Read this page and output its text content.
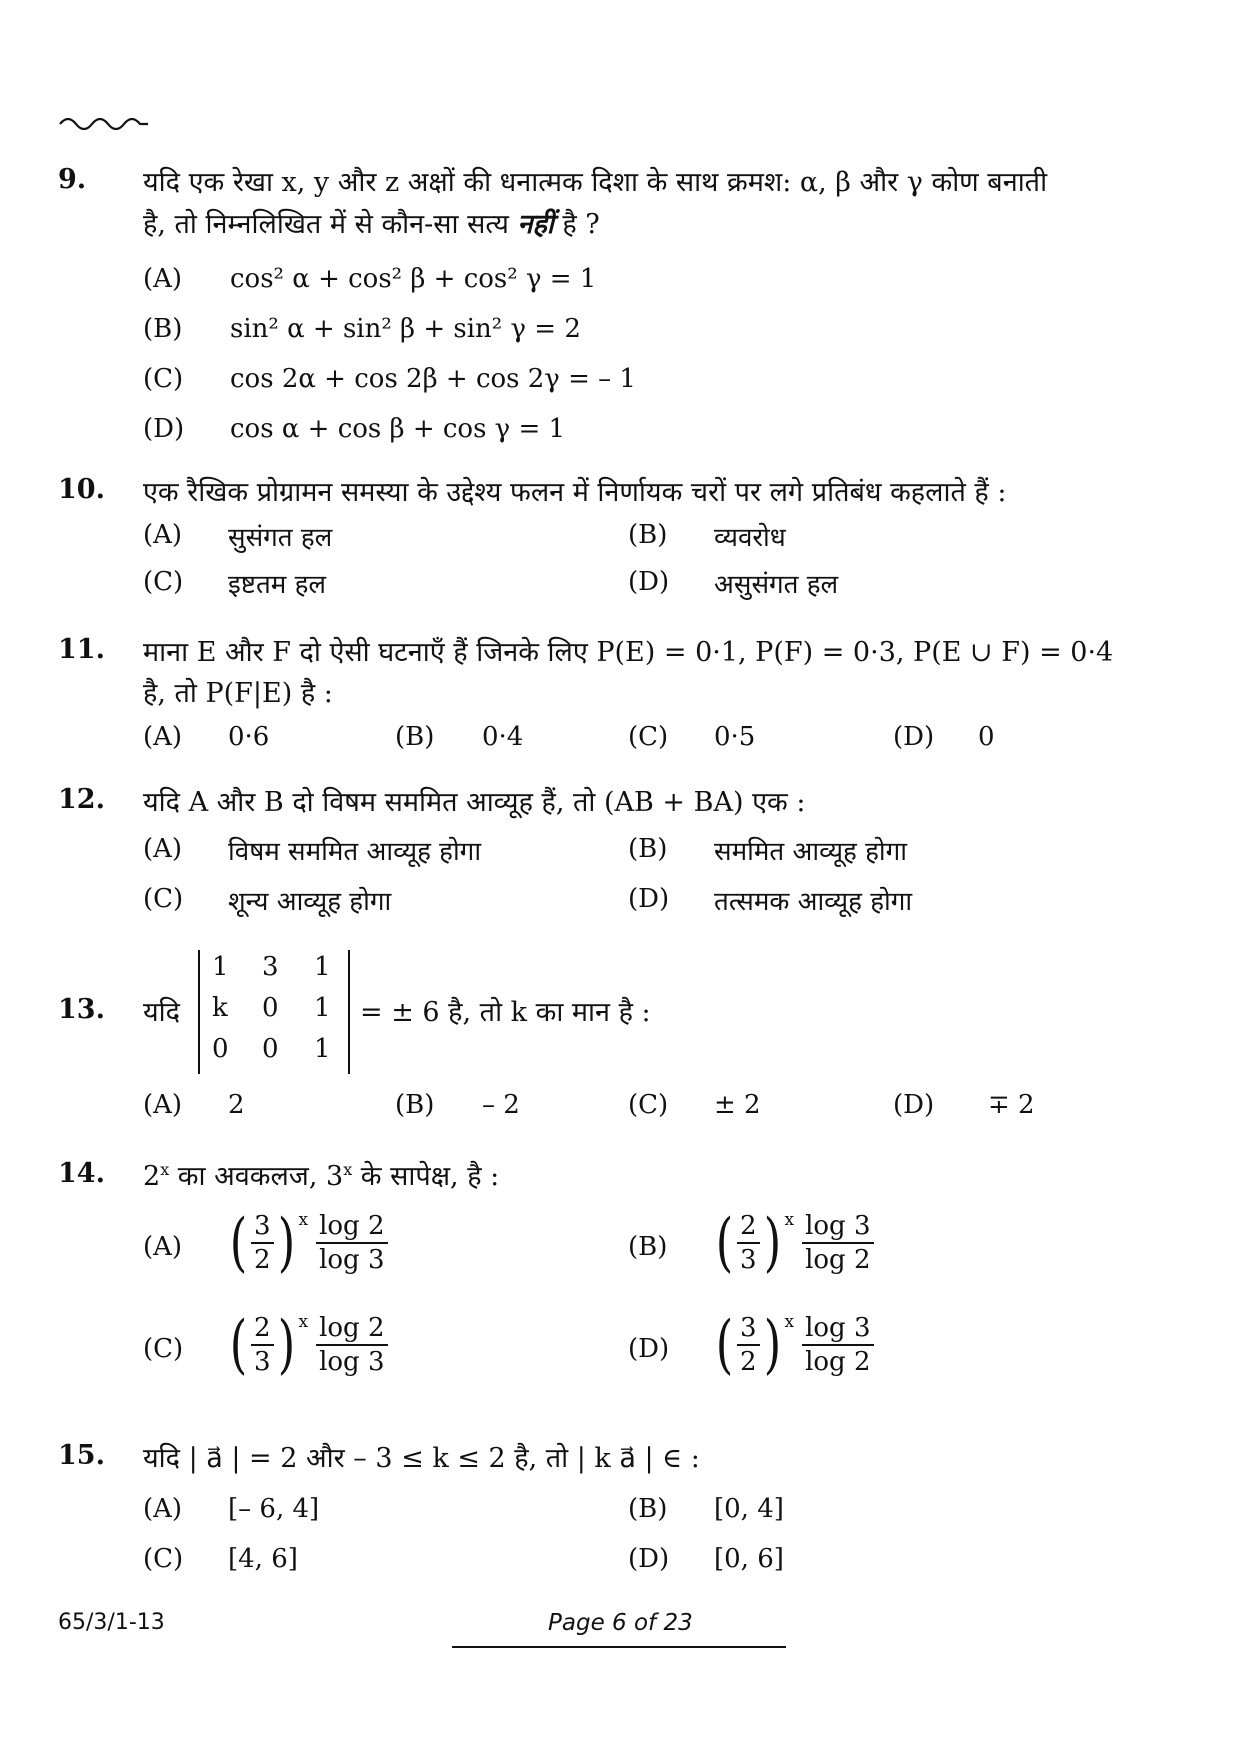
9. यदि एक रेखा x, y और z अक्षों की धनात्मक दिशा के साथ क्रमश: α, β और γ कोण बनाती
है, तो निम्नलिखित में से कौन-सा सत्य नहीं है ?
(A) cos² α + cos² β + cos² γ = 1
(B) sin² α + sin² β + sin² γ = 2
(C) cos 2α + cos 2β + cos 2γ = – 1
(D) cos α + cos β + cos γ = 1
10. एक रैखिक प्रोग्रामन समस्या के उद्देश्य फलन में निर्णायक चरों पर लगे प्रतिबंध कहलाते हैं :
(A) सुसंगत हल	(B) व्यवरोध
(C) इष्टतम हल	(D) असुसंगत हल
11. माना E और F दो ऐसी घटनाएँ हैं जिनके लिए P(E) = 0·1, P(F) = 0·3, P(E ∪ F) = 0·4
है, तो P(F|E) है :
(A) 0·6	(B) 0·4	(C) 0·5	(D) 0
12. यदि A और B दो विषम सममित आव्यूह हैं, तो (AB + BA) एक :
(A) विषम सममित आव्यूह होगा	(B) सममित आव्यूह होगा
(C) शून्य आव्यूह होगा	(D) तत्समक आव्यूह होगा
13. यदि
1 3 1
k 0 1
0 0 1
= ± 6 है, तो k का मान है :
(A) 2	(B) – 2	(C) ± 2	(D) ∓ 2
14. 2$^x$ का अवकलज, 3$^x$ के सापेक्ष, है :
(A) ( $\frac{3}{2}$ ) x $\frac{\log 2}{\log 3}$	(B) ( $\frac{2}{3}$ ) x $\frac{\log 3}{\log 2}$
(C) ( $\frac{2}{3}$ ) x $\frac{\log 2}{\log 3}$	(D) ( $\frac{3}{2}$ ) x $\frac{\log 3}{\log 2}$
15. यदि | a⃗ | = 2 और – 3 ≤ k ≤ 2 है, तो | k a⃗ | ∈ :
(A) [– 6, 4]	(B) [0, 4]
(C) [4, 6]	(D) [0, 6]
65/3/1-13	Page 6 of 23
